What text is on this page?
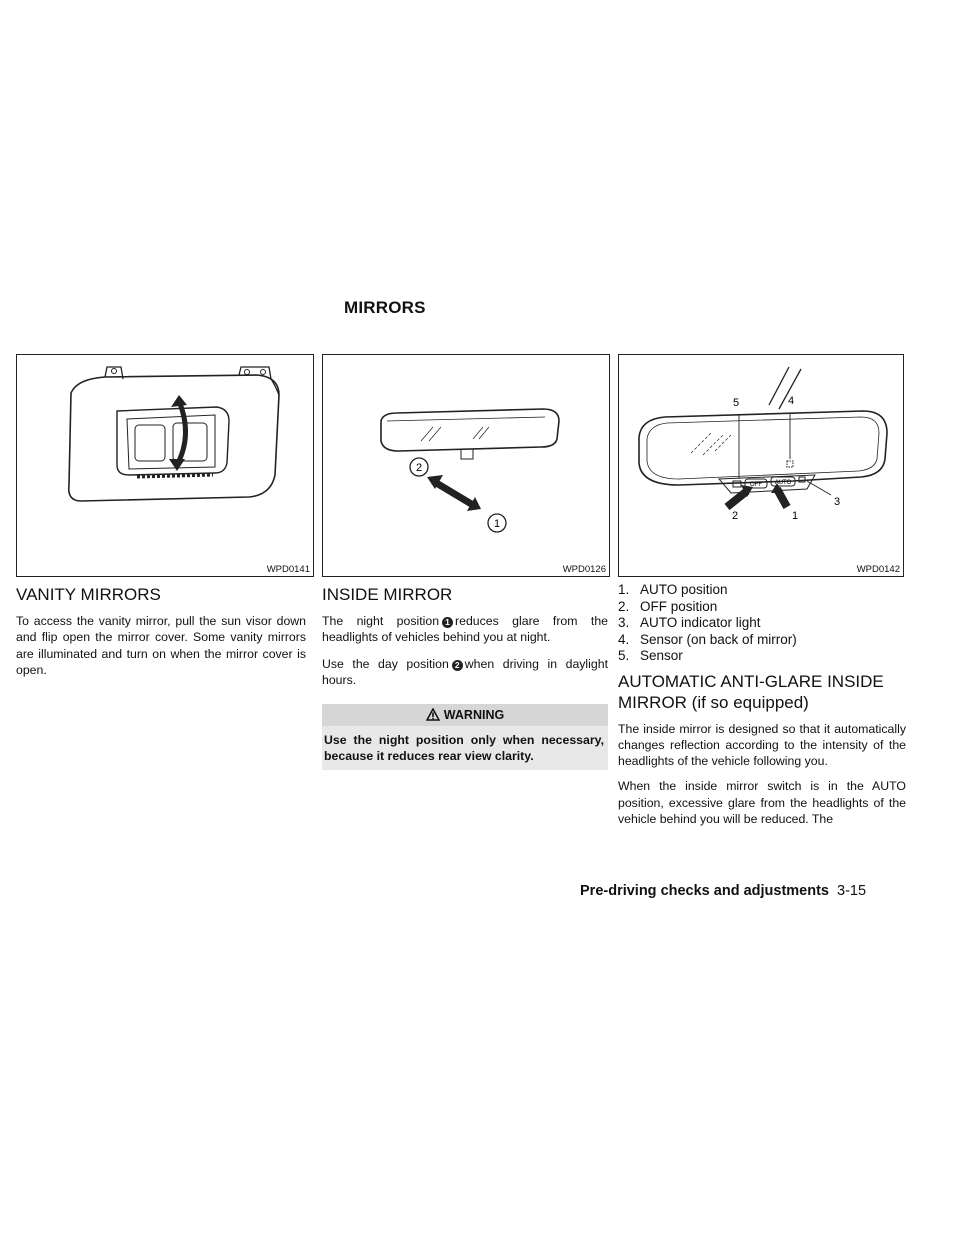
MIRRORS
WPD0141
VANITY MIRRORS

To access the vanity mirror, pull the sun visor down and flip open the mirror cover. Some vanity mirrors are illuminated and turn on when the mirror cover is open.

2
1
WPD0126
INSIDE MIRROR

The night position 1 reduces glare from the headlights of vehicles behind you at night.

Use the day position 2 when driving in daylight hours.

WARNING
Use the night position only when necessary, because it reduces rear view clarity.
OFF AUTO
5	4
3
2	1
WPD0142
1. AUTO position
2. OFF position
3. AUTO indicator light
4. Sensor (on back of mirror)
5. Sensor
AUTOMATIC ANTI-GLARE INSIDE MIRROR (if so equipped)

The inside mirror is designed so that it automatically changes reflection according to the intensity of the headlights of the vehicle following you.

When the inside mirror switch is in the AUTO position, excessive glare from the headlights of the vehicle behind you will be reduced. The

Pre-driving checks and adjustments 3-15
